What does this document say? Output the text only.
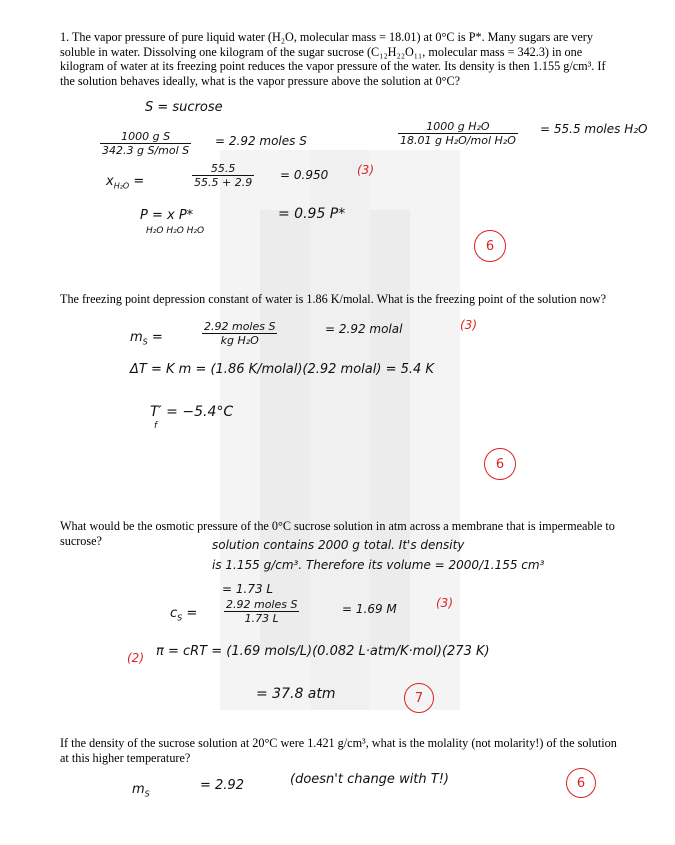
1. The vapor pressure of pure liquid water (H₂O, molecular mass = 18.01) at 0°C is P*. Many sugars are very soluble in water. Dissolving one kilogram of the sugar sucrose (C₁₂H₂₂O₁₁, molecular mass = 342.3) in one kilogram of water at its freezing point reduces the vapor pressure of the water. Its density is then 1.155 g/cm³. If the solution behaves ideally, what is the vapor pressure above the solution at 0°C?
S = sucrose
1000 g S
342.3 g S/mol S
= 2.92 moles S
1000 g H₂O
18.01 g H₂O/mol H₂O
= 55.5 moles H₂O
$x_{H_2O}$ =	$\frac{55.5}{55.5 + 2.9} = 0.950$ (3)
P = x P*
H₂O H₂O H₂O
= 0.95 P*
6
The freezing point depression constant of water is 1.86 K/molal. What is the freezing point of the solution now?
$m_S$ =
2.92 moles S
kg H₂O
= 2.92 molal	(3)
ΔT = K m = (1.86 K/molal)(2.92 molal) = 5.4 K
T′ = −5.4°C
f
6
What would be the osmotic pressure of the 0°C sucrose solution in atm across a membrane that is impermeable to sucrose?	solution contains 2000 g total. It's density
is 1.155 g/cm³. Therefore its volume = 2000/1.155 cm³
= 1.73 L
$c_S$ =
2.92 moles S
1.73 L
= 1.69 M	(3)
(2) π = cRT = (1.69 mols/L)(0.082 L·atm/K·mol)(273 K)
= 37.8 atm	7
If the density of the sucrose solution at 20°C were 1.421 g/cm³, what is the molality (not molarity!) of the solution at this higher temperature?
$m_S$
= 2.92	(doesn't change with T!)	6
